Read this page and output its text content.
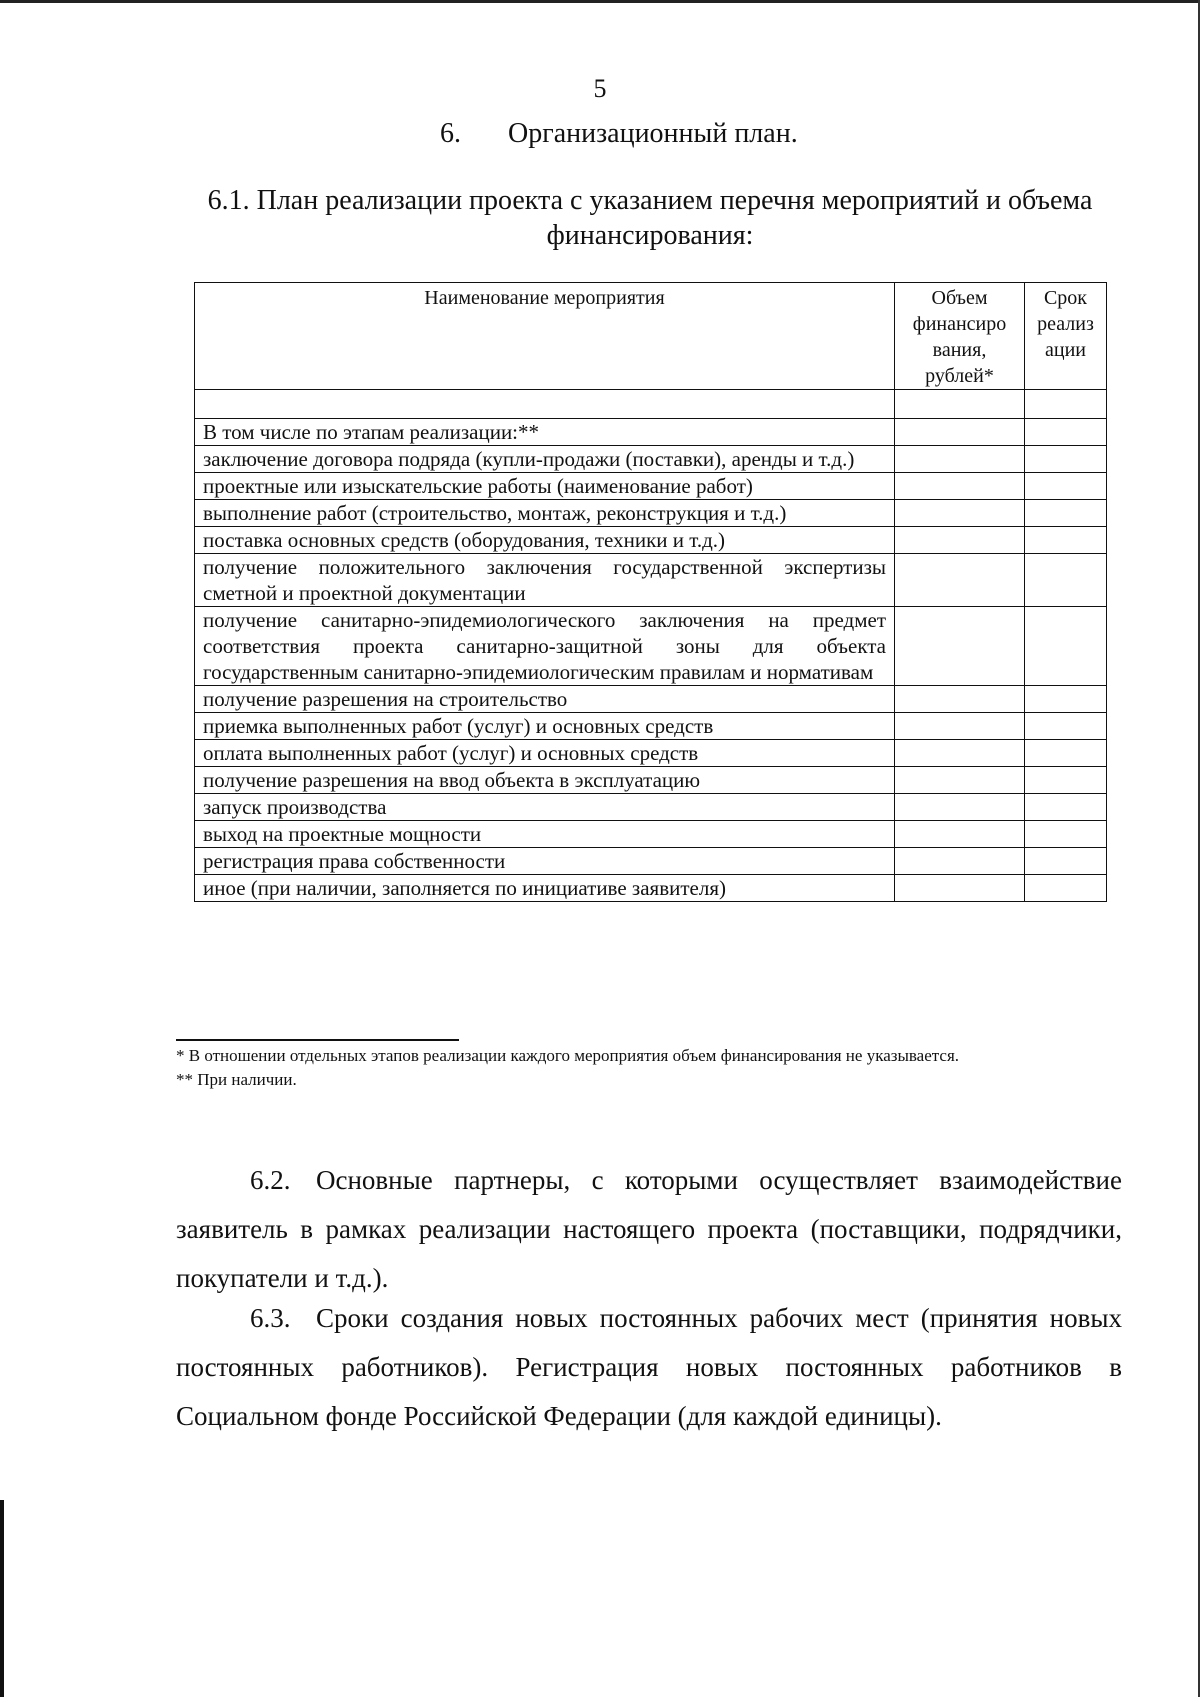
5
6. Организационный план.
6.1. План реализации проекта с указанием перечня мероприятий и объема
финансирования:
Наименование мероприятия	Объем финансиро вания, рублей*	Срок реализ ации

В том числе по этапам реализации:**		
заключение договора подряда (купли-продажи (поставки), аренды и т.д.)		
проектные или изыскательские работы (наименование работ)		
выполнение работ (строительство, монтаж, реконструкция и т.д.)		
поставка основных средств (оборудования, техники и т.д.)		
получение положительного заключения государственной экспертизы сметной и проектной документации		
получение санитарно-эпидемиологического заключения на предмет соответствия проекта санитарно-защитной зоны для объекта государственным санитарно-эпидемиологическим правилам и нормативам		
получение разрешения на строительство		
приемка выполненных работ (услуг) и основных средств		
оплата выполненных работ (услуг) и основных средств		
получение разрешения на ввод объекта в эксплуатацию		
запуск производства		
выход на проектные мощности		
регистрация права собственности		
иное (при наличии, заполняется по инициативе заявителя)		

* В отношении отдельных этапов реализации каждого мероприятия объем финансирования не указывается.

** При наличии.

6.2. Основные партнеры, с которыми осуществляет взаимодействие заявитель в рамках реализации настоящего проекта (поставщики, подрядчики, покупатели и т.д.).

6.3. Сроки создания новых постоянных рабочих мест (принятия новых постоянных работников). Регистрация новых постоянных работников в Социальном фонде Российской Федерации (для каждой единицы).
